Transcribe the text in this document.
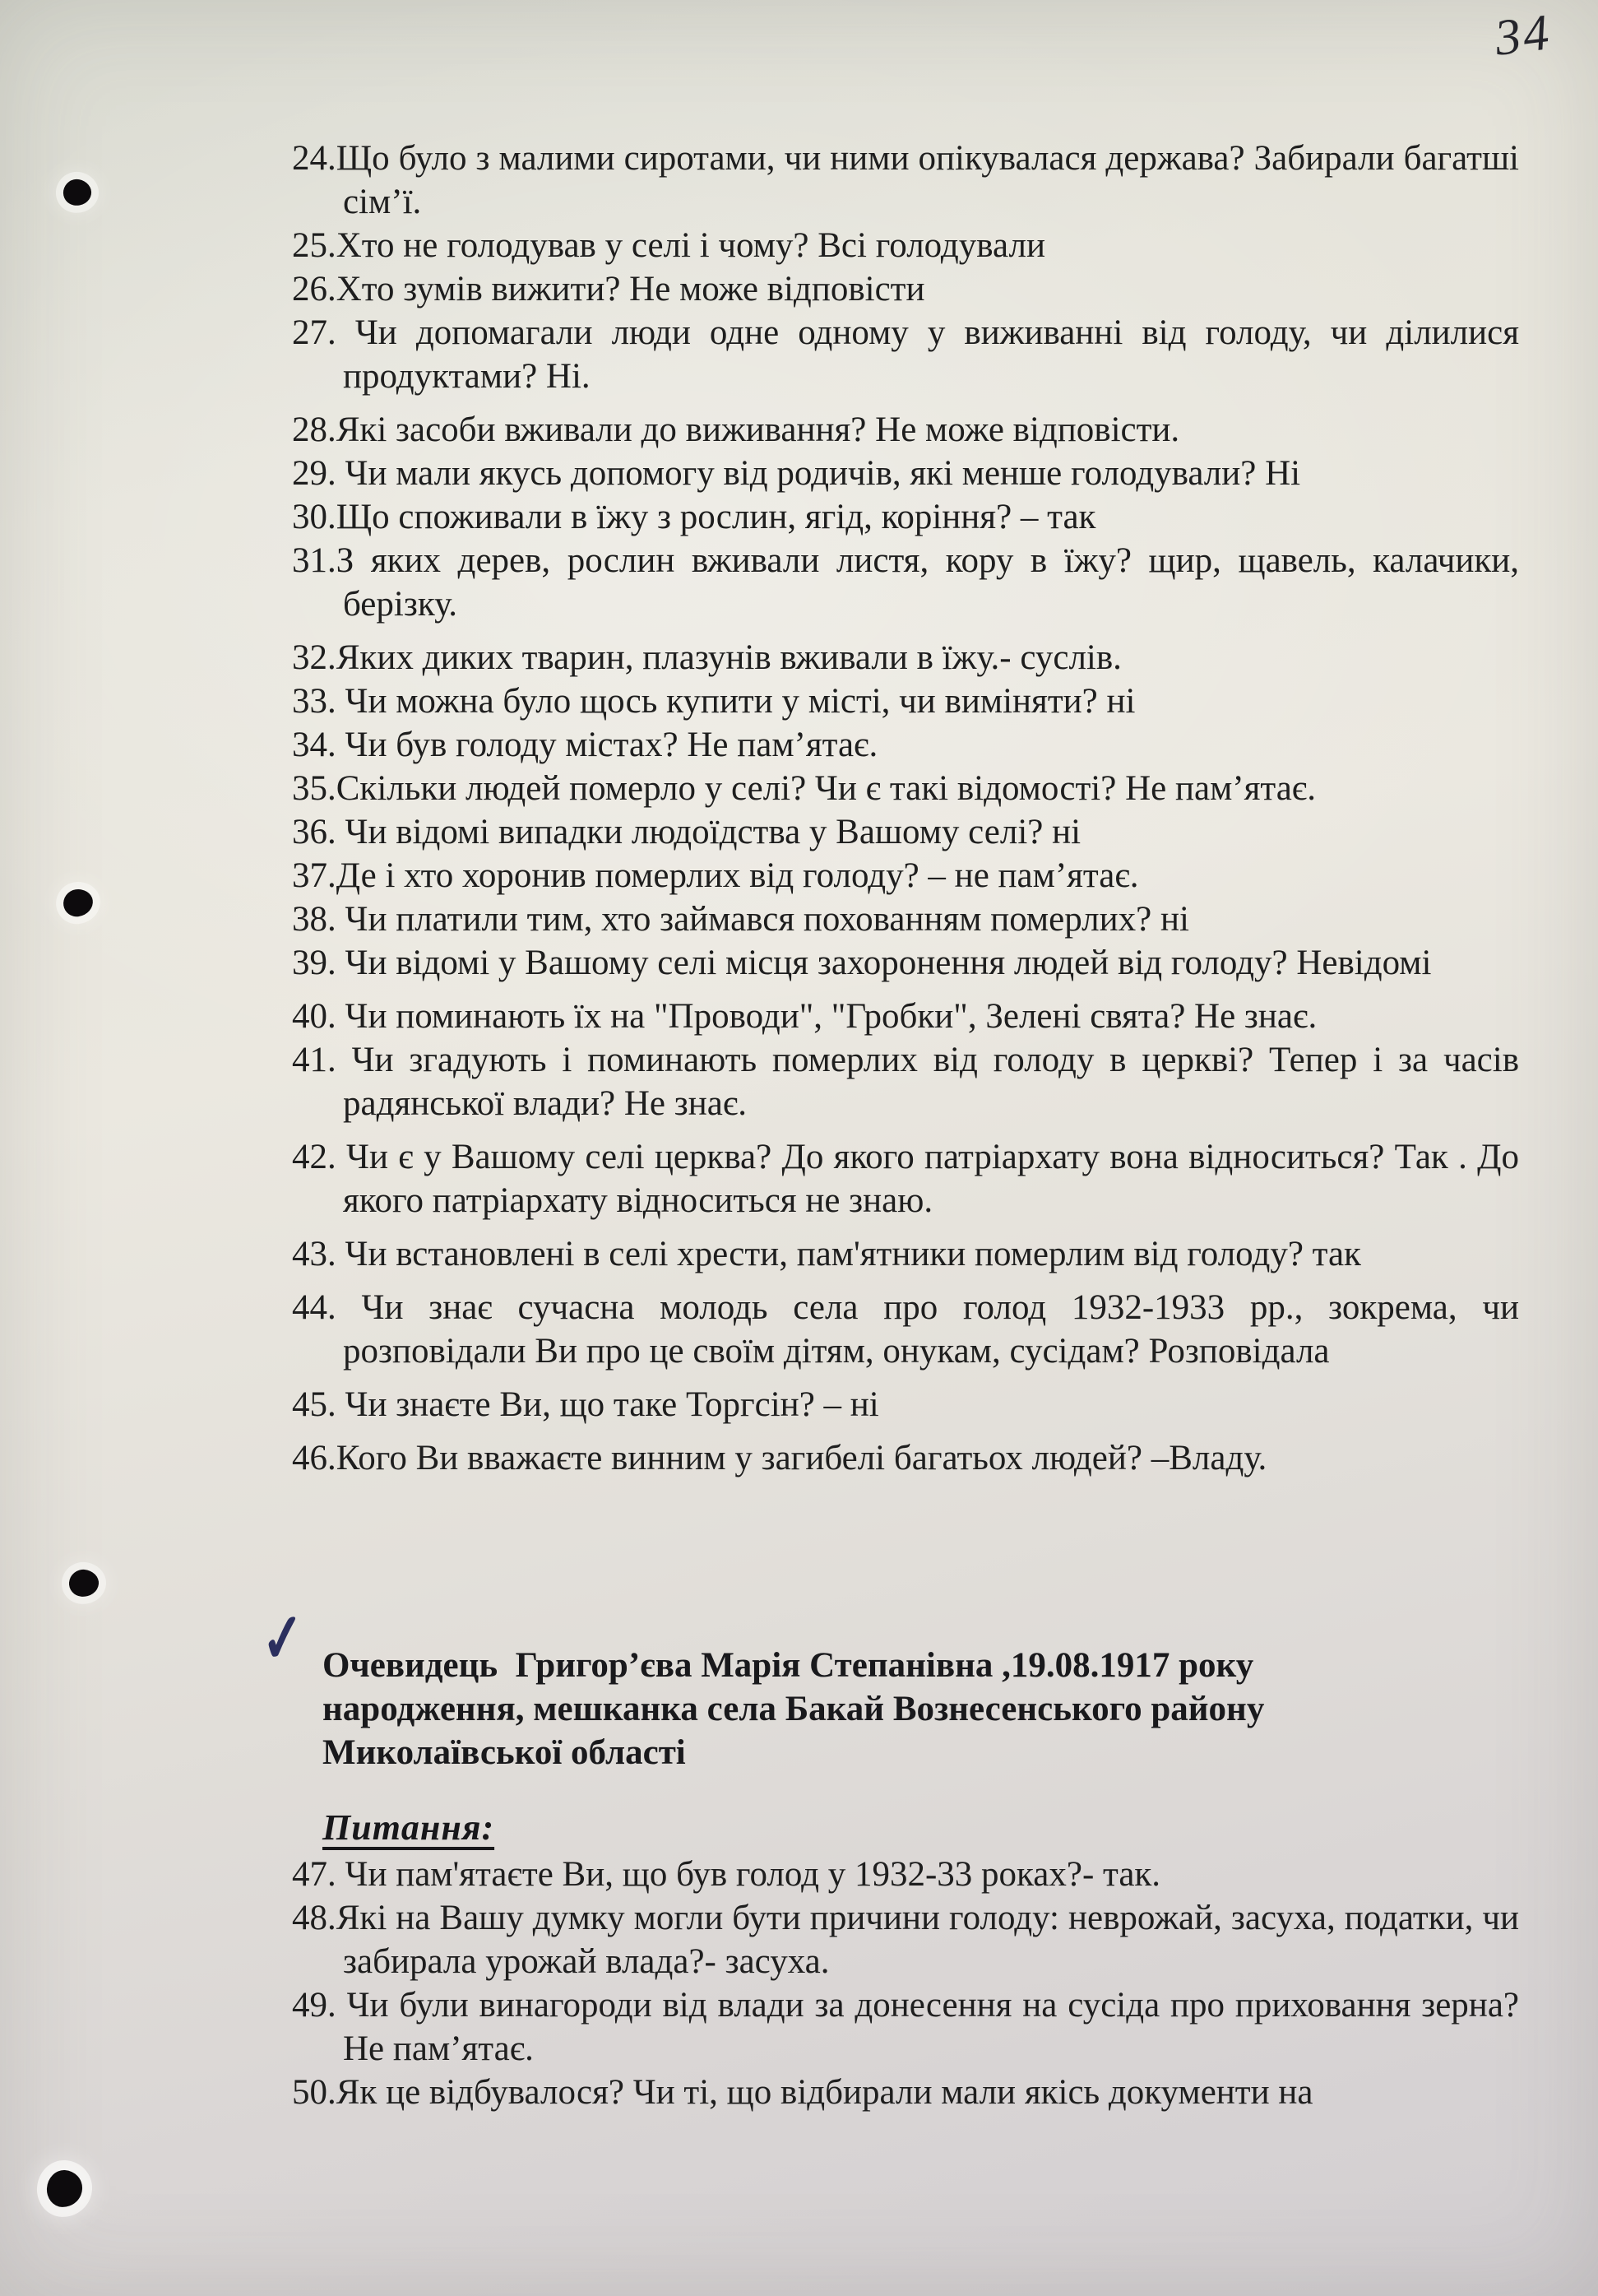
34
24.Що було з малими сиротами, чи ними опікувалася держава? Забирали багатші сім’ї.
25.Хто не голодував у селі і чому? Всі голодували
26.Хто зумів вижити? Не може відповісти
27. Чи допомагали люди одне одному у виживанні від голоду, чи ділилися продуктами? Ні.
28.Які засоби вживали до виживання? Не може відповісти.
29. Чи мали якусь допомогу від родичів, які менше голодували? Ні
30.Що споживали в їжу з рослин, ягід, коріння? – так
31.З яких дерев, рослин вживали листя, кору в їжу? щир, щавель, калачики, берізку.
32.Яких диких тварин, плазунів вживали в їжу.- суслів.
33. Чи можна було щось купити у місті, чи виміняти? ні
34. Чи був голоду містах? Не пам’ятає.
35.Скільки людей померло у селі? Чи є такі відомості? Не пам’ятає.
36. Чи відомі випадки людоїдства у Вашому селі? ні
37.Де і хто хоронив померлих від голоду? – не пам’ятає.
38. Чи платили тим, хто займався похованням померлих? ні
39. Чи відомі у Вашому селі місця захоронення людей від голоду? Невідомі
40. Чи поминають їх на "Проводи", "Гробки", Зелені свята? Не знає.
41. Чи згадують і поминають померлих від голоду в церкві? Тепер і за часів радянської влади? Не знає.
42. Чи є у Вашому селі церква? До якого патріархату вона відноситься? Так . До якого патріархату відноситься не знаю.
43. Чи встановлені в селі хрести, пам'ятники померлим від голоду? так
44. Чи знає сучасна молодь села про голод 1932-1933 рр., зокрема, чи розповідали Ви про це своїм дітям, онукам, сусідам? Розповідала
45. Чи знаєте Ви, що таке Торгсін? – ні
46.Кого Ви вважаєте винним у загибелі багатьох людей? –Владу.
✓ Очевидець  Григор’єва Марія Степанівна ,19.08.1917 року народження, мешканка села Бакай Вознесенського району Миколаївської області
Питання:
47. Чи пам'ятаєте Ви, що був голод у 1932-33 роках?- так.
48.Які на Вашу думку могли бути причини голоду: неврожай, засуха, податки, чи забирала урожай влада?- засуха.
49. Чи були винагороди від влади за донесення на сусіда про приховання зерна? Не пам’ятає.
50.Як це відбувалося? Чи ті, що відбирали мали якісь документи на
